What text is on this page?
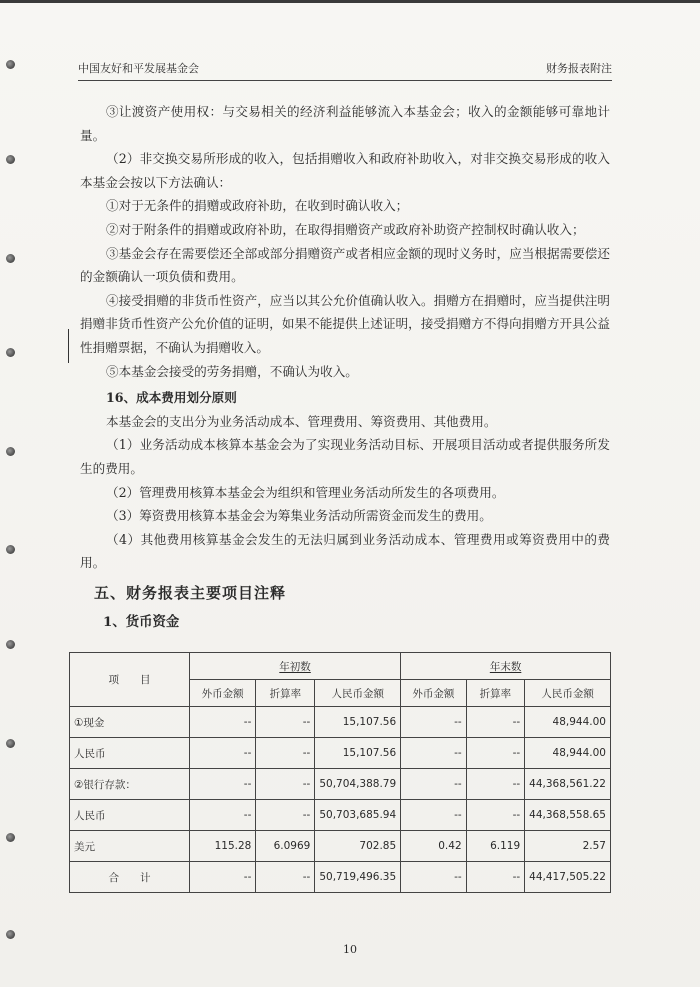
中国友好和平发展基金会	财务报表附注

③让渡资产使用权：与交易相关的经济利益能够流入本基金会；收入的金额能够可靠地计量。

（2）非交换交易所形成的收入，包括捐赠收入和政府补助收入，对非交换交易形成的收入本基金会按以下方法确认：

①对于无条件的捐赠或政府补助，在收到时确认收入；

②对于附条件的捐赠或政府补助，在取得捐赠资产或政府补助资产控制权时确认收入；

③基金会存在需要偿还全部或部分捐赠资产或者相应金额的现时义务时，应当根据需要偿还的金额确认一项负债和费用。

④接受捐赠的非货币性资产，应当以其公允价值确认收入。捐赠方在捐赠时，应当提供注明捐赠非货币性资产公允价值的证明，如果不能提供上述证明，接受捐赠方不得向捐赠方开具公益性捐赠票据，不确认为捐赠收入。

⑤本基金会接受的劳务捐赠，不确认为收入。

16、成本费用划分原则

本基金会的支出分为业务活动成本、管理费用、筹资费用、其他费用。

（1）业务活动成本核算本基金会为了实现业务活动目标、开展项目活动或者提供服务所发生的费用。

（2）管理费用核算本基金会为组织和管理业务活动所发生的各项费用。

（3）筹资费用核算本基金会为筹集业务活动所需资金而发生的费用。

（4）其他费用核算基金会发生的无法归属到业务活动成本、管理费用或筹资费用中的费用。

五、财务报表主要项目注释
1、货币资金
项　　目	年初数			年末数		
	外币金额	折算率	人民币金额	外币金额	折算率	人民币金额
①现金	--	--	15,107.56	--	--	48,944.00
人民币	--	--	15,107.56	--	--	48,944.00
②银行存款：	--	--	50,704,388.79	--	--	44,368,561.22
人民币	--	--	50,703,685.94	--	--	44,368,558.65
美元	115.28	6.0969	702.85	0.42	6.119	2.57
合　　计	--	--	50,719,496.35	--	--	44,417,505.22
10
